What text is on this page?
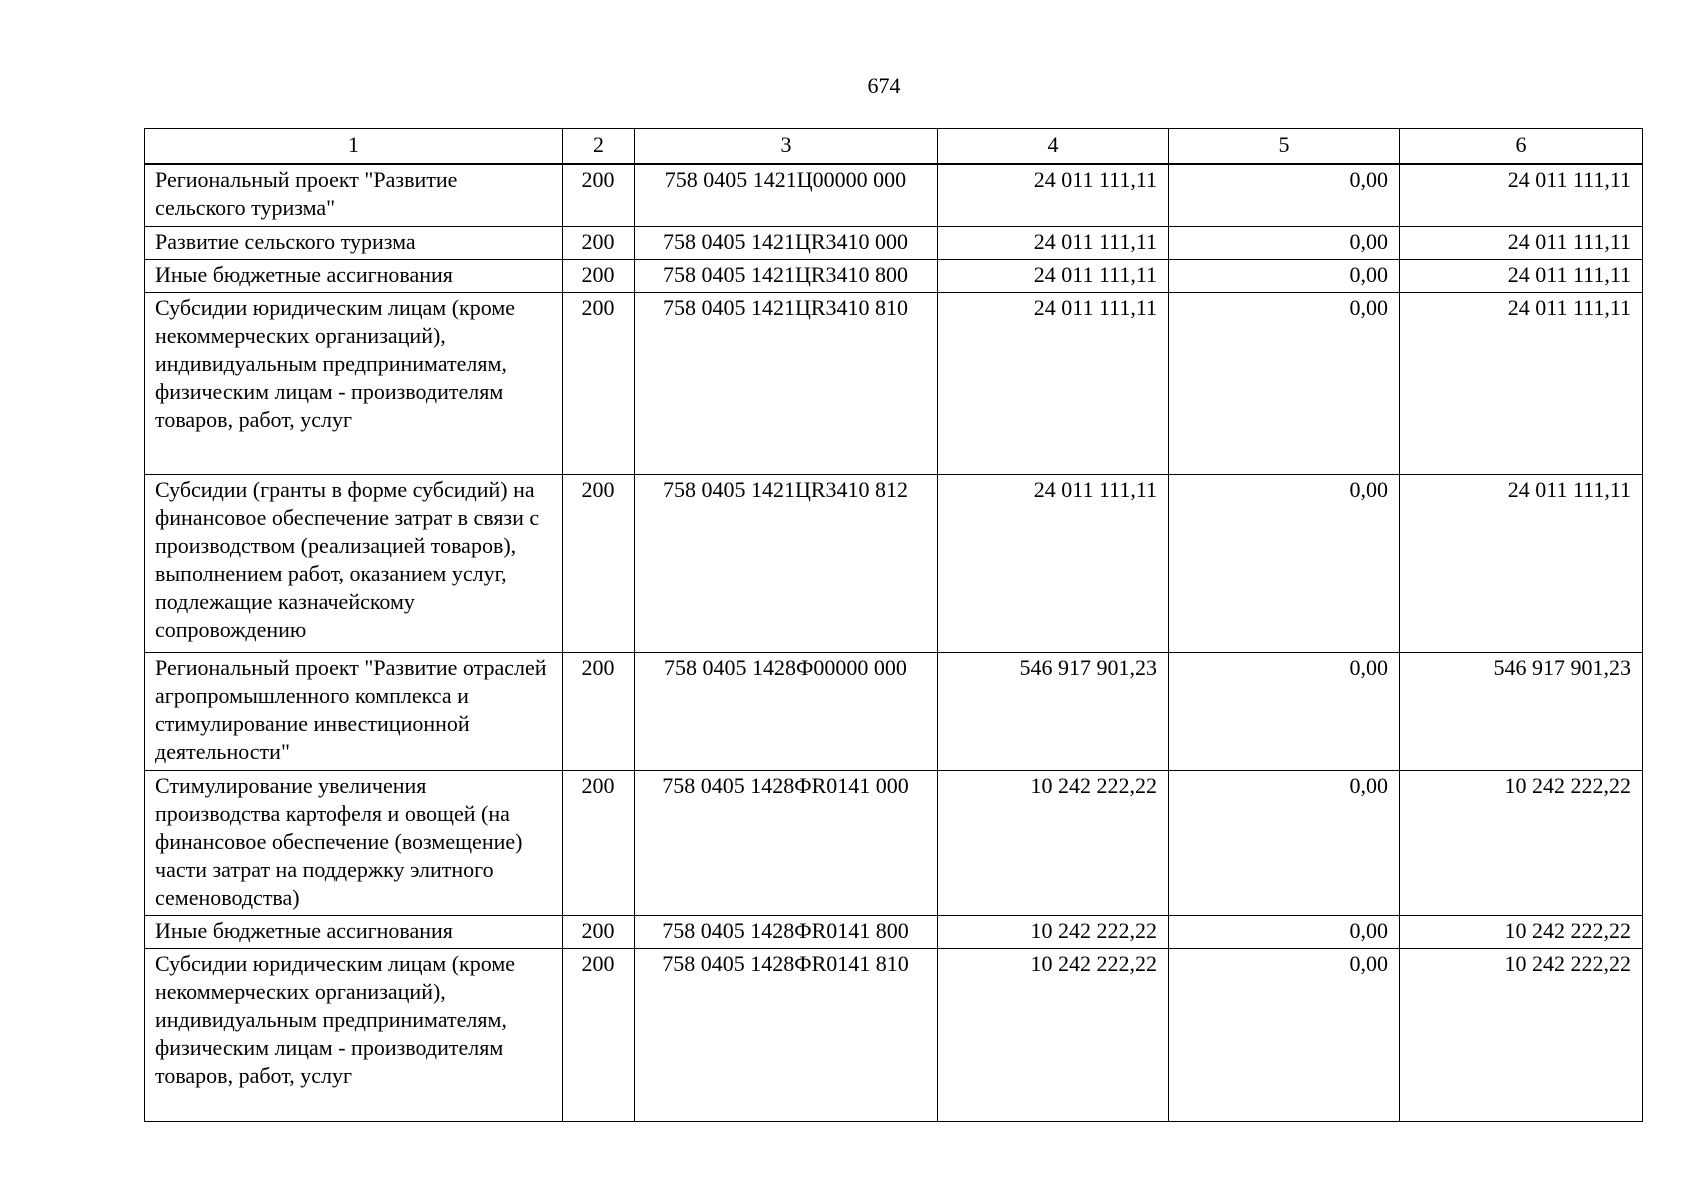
674
1	2	3	4	5	6
Региональный проект "Развитие сельского туризма"	200	758 0405 1421Ц00000 000	24 011 111,11	0,00	24 011 111,11
Развитие сельского туризма	200	758 0405 1421ЦR3410 000	24 011 111,11	0,00	24 011 111,11
Иные бюджетные ассигнования	200	758 0405 1421ЦR3410 800	24 011 111,11	0,00	24 011 111,11
Субсидии юридическим лицам (кроме некоммерческих организаций), индивидуальным предпринимателям, физическим лицам - производителям товаров, работ, услуг	200	758 0405 1421ЦR3410 810	24 011 111,11	0,00	24 011 111,11
Субсидии (гранты в форме субсидий) на финансовое обеспечение затрат в связи с производством (реализацией товаров), выполнением работ, оказанием услуг, подлежащие казначейскому сопровождению	200	758 0405 1421ЦR3410 812	24 011 111,11	0,00	24 011 111,11
Региональный проект "Развитие отраслей агропромышленного комплекса и стимулирование инвестиционной деятельности"	200	758 0405 1428Ф00000 000	546 917 901,23	0,00	546 917 901,23
Стимулирование увеличения производства картофеля и овощей (на финансовое обеспечение (возмещение) части затрат на поддержку элитного семеноводства)	200	758 0405 1428ФR0141 000	10 242 222,22	0,00	10 242 222,22
Иные бюджетные ассигнования	200	758 0405 1428ФR0141 800	10 242 222,22	0,00	10 242 222,22
Субсидии юридическим лицам (кроме некоммерческих организаций), индивидуальным предпринимателям, физическим лицам - производителям товаров, работ, услуг	200	758 0405 1428ФR0141 810	10 242 222,22	0,00	10 242 222,22
